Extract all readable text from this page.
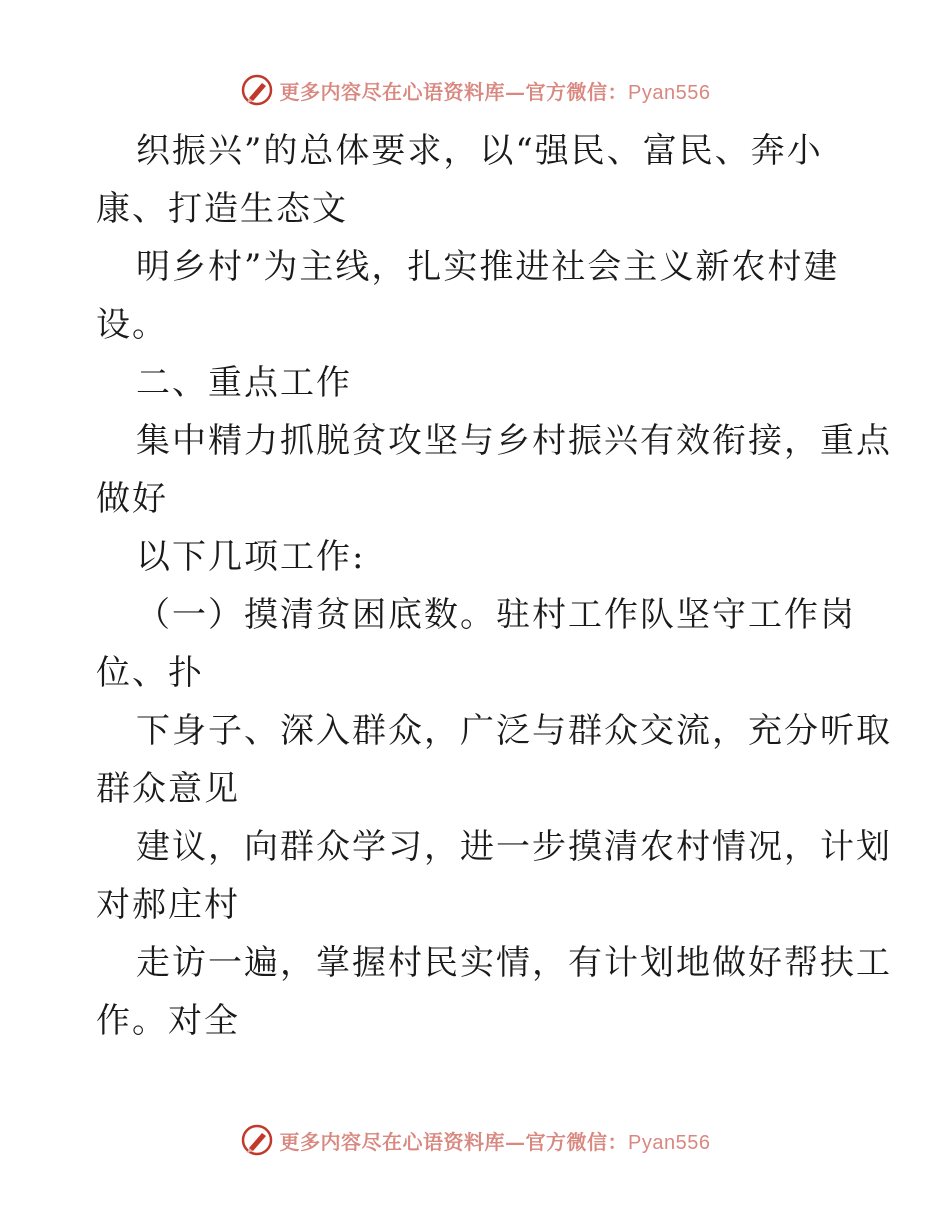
更多内容尽在心语资料库—官方微信：Pyan556
织振兴”的总体要求，以“强民、富民、奔小
康、打造生态文
明乡村”为主线，扎实推进社会主义新农村建
设。
二、重点工作
集中精力抓脱贫攻坚与乡村振兴有效衔接，重点
做好
以下几项工作:
（一）摸清贫困底数。驻村工作队坚守工作岗
位、扑
下身子、深入群众，广泛与群众交流，充分听取
群众意见
建议，向群众学习，进一步摸清农村情况，计划
对郝庄村
走访一遍，掌握村民实情，有计划地做好帮扶工
作。对全
更多内容尽在心语资料库—官方微信：Pyan556
